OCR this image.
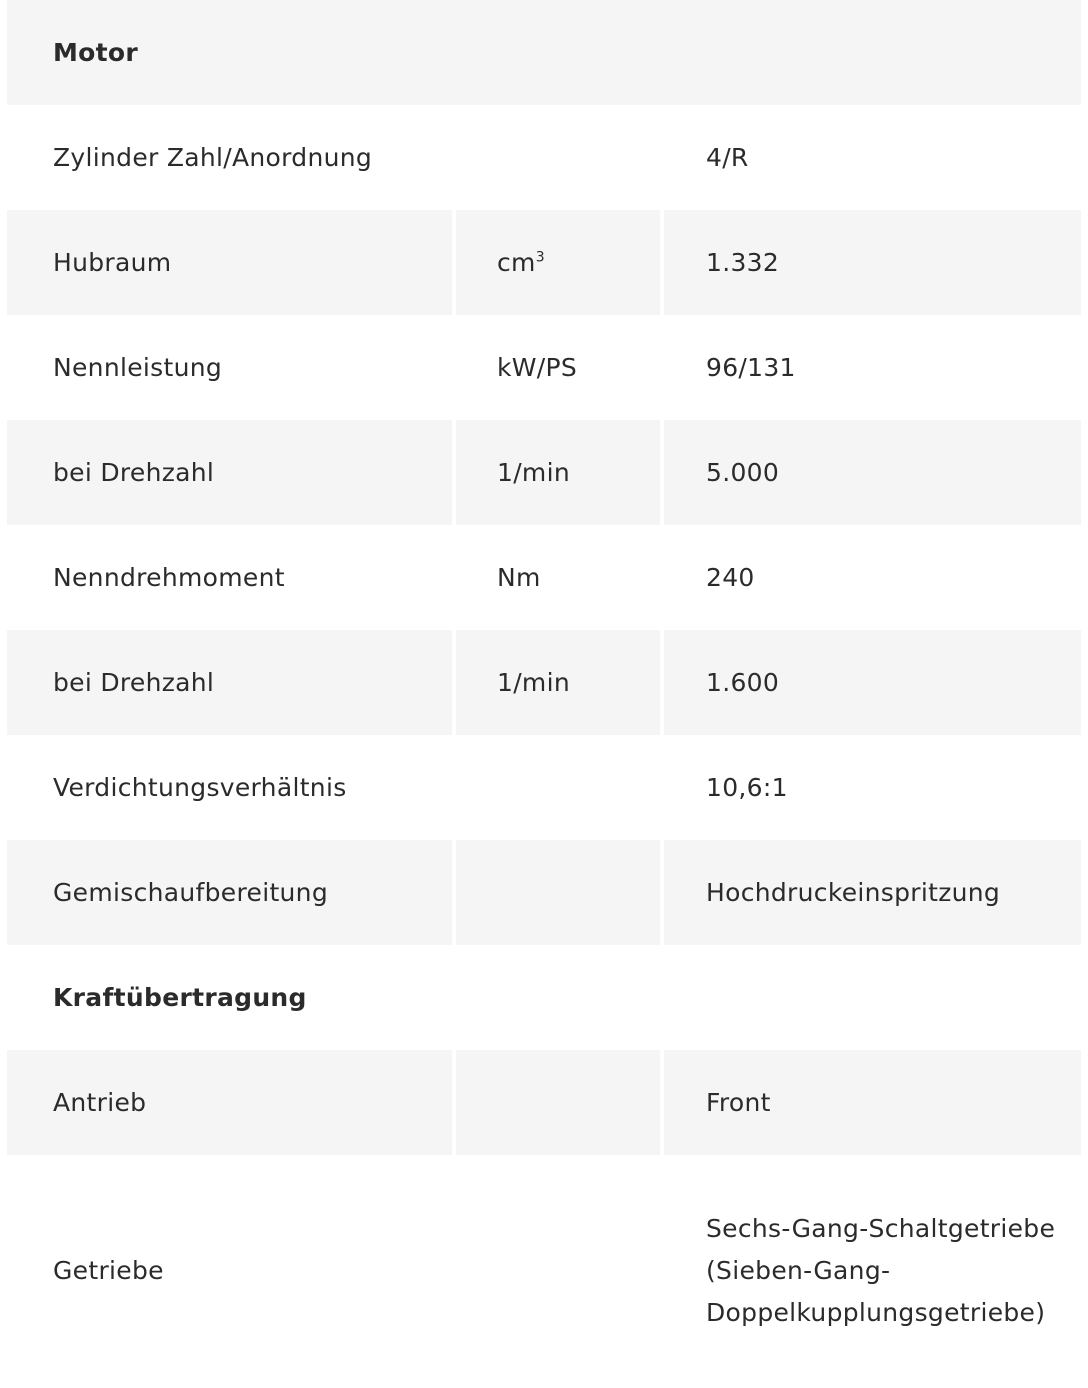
Motor		
Zylinder Zahl/Anordnung		4/R
Hubraum	$cm^3$	1.332
Nennleistung	kW/PS	96/131
bei Drehzahl	1/min	5.000
Nenndrehmoment	Nm	240
bei Drehzahl	1/min	1.600
Verdichtungsverhältnis		10,6:1
Gemischaufbereitung		Hochdruckeinspritzung
Kraftübertragung		
Antrieb		Front
Getriebe		Sechs-Gang-Schaltgetriebe (Sieben-Gang-Doppelkupplungsgetriebe)
